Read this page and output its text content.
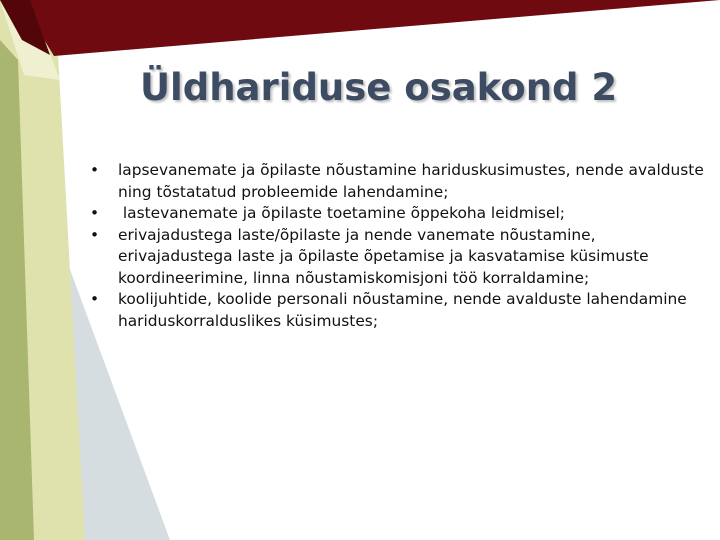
Üldhariduse osakond 2
• lapsevanemate ja õpilaste nõustamine hariduskusimustes, nende avalduste ning tõstatatud probleemide lahendamine;
• lastevanemate ja õpilaste toetamine õppekoha leidmisel;
• erivajadustega laste/õpilaste ja nende vanemate nõustamine, erivajadustega laste ja õpilaste õpetamise ja kasvatamise küsimuste koordineerimine, linna nõustamiskomisjoni töö korraldamine;
• koolijuhtide, koolide personali nõustamine, nende avalduste lahendamine hariduskorralduslikes küsimustes;
